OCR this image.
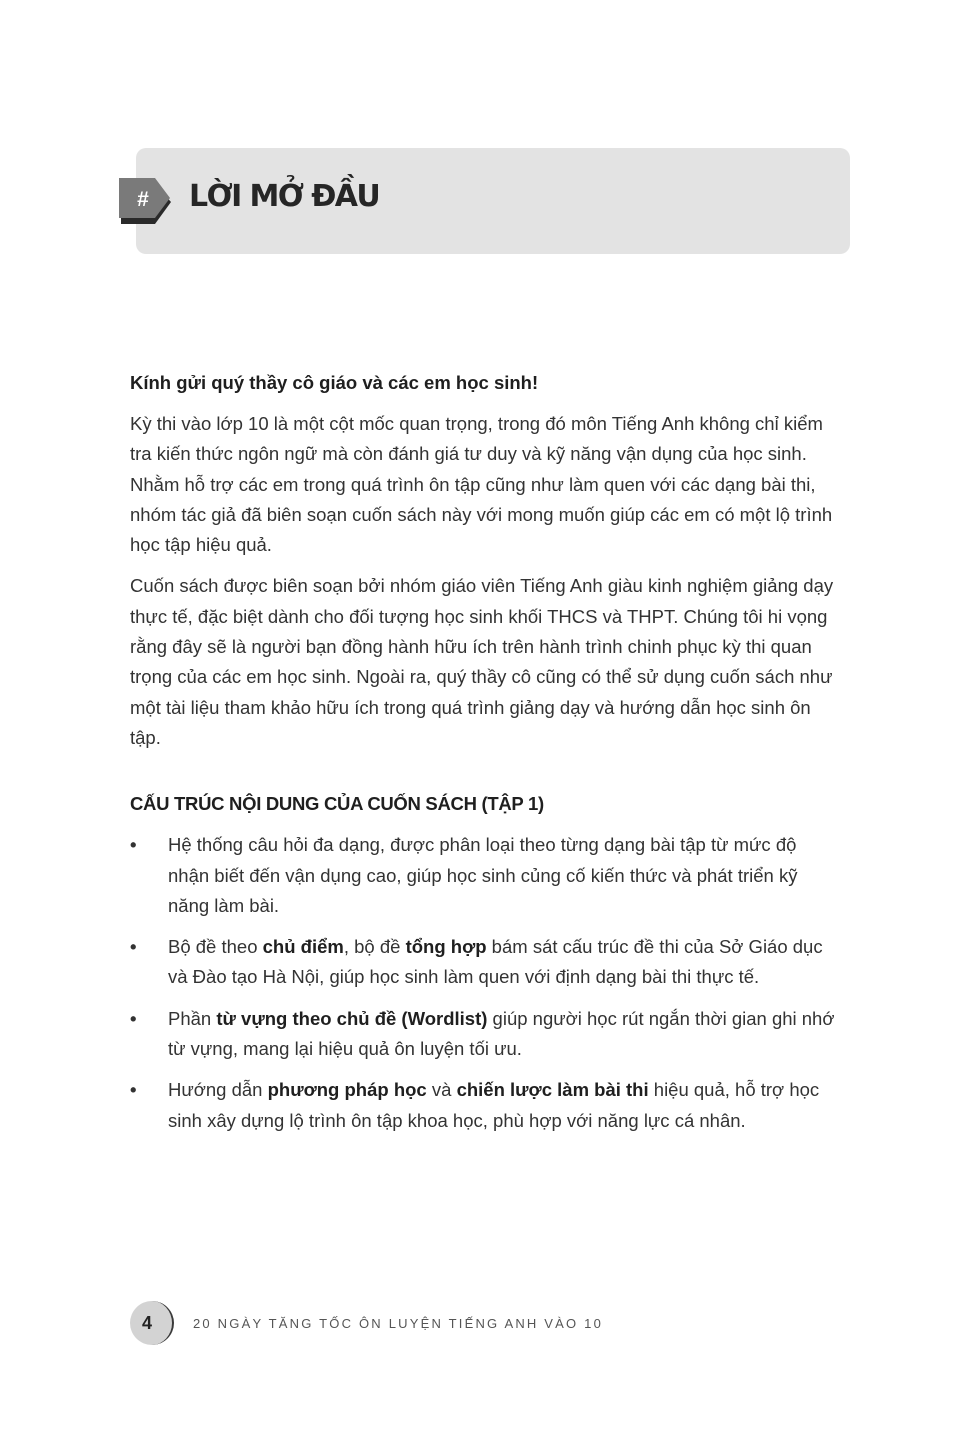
# LỜI MỞ ĐẦU

Kính gửi quý thầy cô giáo và các em học sinh!

Kỳ thi vào lớp 10 là một cột mốc quan trọng, trong đó môn Tiếng Anh không chỉ kiểm tra kiến thức ngôn ngữ mà còn đánh giá tư duy và kỹ năng vận dụng của học sinh. Nhằm hỗ trợ các em trong quá trình ôn tập cũng như làm quen với các dạng bài thi, nhóm tác giả đã biên soạn cuốn sách này với mong muốn giúp các em có một lộ trình học tập hiệu quả.

Cuốn sách được biên soạn bởi nhóm giáo viên Tiếng Anh giàu kinh nghiệm giảng dạy thực tế, đặc biệt dành cho đối tượng học sinh khối THCS và THPT. Chúng tôi hi vọng rằng đây sẽ là người bạn đồng hành hữu ích trên hành trình chinh phục kỳ thi quan trọng của các em học sinh. Ngoài ra, quý thầy cô cũng có thể sử dụng cuốn sách như một tài liệu tham khảo hữu ích trong quá trình giảng dạy và hướng dẫn học sinh ôn tập.

CẤU TRÚC NỘI DUNG CỦA CUỐN SÁCH (TẬP 1)
• Hệ thống câu hỏi đa dạng, được phân loại theo từng dạng bài tập từ mức độ nhận biết đến vận dụng cao, giúp học sinh củng cố kiến thức và phát triển kỹ năng làm bài.
• Bộ đề theo chủ điểm, bộ đề tổng hợp bám sát cấu trúc đề thi của Sở Giáo dục và Đào tạo Hà Nội, giúp học sinh làm quen với định dạng bài thi thực tế.
• Phần từ vựng theo chủ đề (Wordlist) giúp người học rút ngắn thời gian ghi nhớ từ vựng, mang lại hiệu quả ôn luyện tối ưu.
• Hướng dẫn phương pháp học và chiến lược làm bài thi hiệu quả, hỗ trợ học sinh xây dựng lộ trình ôn tập khoa học, phù hợp với năng lực cá nhân.
4	20 NGÀY TĂNG TỐC ÔN LUYỆN TIẾNG ANH VÀO 10
